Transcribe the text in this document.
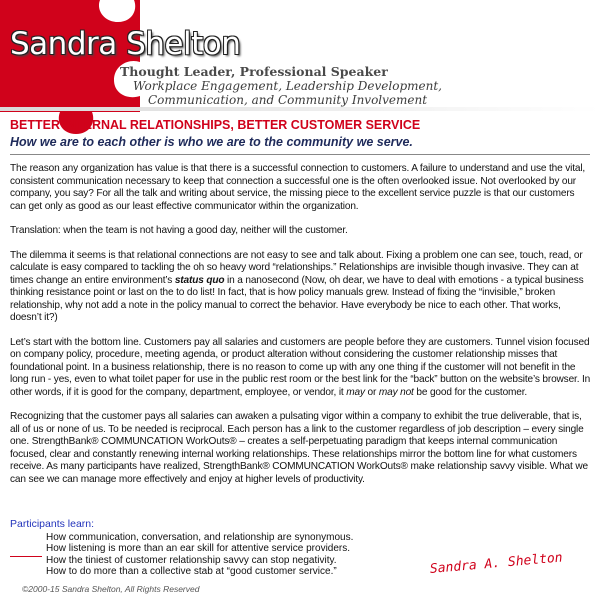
Sandra Shelton
Thought Leader, Professional Speaker
Workplace Engagement, Leadership Development,
Communication, and Community Involvement
BETTER INTERNAL RELATIONSHIPS, BETTER CUSTOMER SERVICE

How we are to each other is who we are to the community we serve.

The reason any organization has value is that there is a successful connection to customers. A failure to understand and use the vital, consistent communication necessary to keep that connection a successful one is the often overlooked issue. Not overlooked by our company, you say? For all the talk and writing about service, the missing piece to the excellent service puzzle is that our customers can get only as good as our least effective communicator within the organization.

Translation: when the team is not having a good day, neither will the customer.

The dilemma it seems is that relational connections are not easy to see and talk about. Fixing a problem one can see, touch, read, or calculate is easy compared to tackling the oh so heavy word “relationships.” Relationships are invisible though invasive. They can at times change an entire environment’s status quo in a nanosecond (Now, oh dear, we have to deal with emotions - a typical business thinking resistance point or last on the to do list! In fact, that is how policy manuals grew. Instead of fixing the “invisible,” broken relationship, why not add a note in the policy manual to correct the behavior. Have everybody be nice to each other. That works, doesn’t it?)

Let’s start with the bottom line. Customers pay all salaries and customers are people before they are customers. Tunnel vision focused on company policy, procedure, meeting agenda, or product alteration without considering the customer relationship misses that foundational point. In a business relationship, there is no reason to come up with any one thing if the customer will not benefit in the long run - yes, even to what toilet paper for use in the public rest room or the best link for the “back” button on the website’s browser. In other words, if it is good for the company, department, employee, or vendor, it may or may not be good for the customer.

Recognizing that the customer pays all salaries can awaken a pulsating vigor within a company to exhibit the true deliverable, that is, all of us or none of us. To be needed is reciprocal. Each person has a link to the customer regardless of job description – every single one. StrengthBank® COMMUNCATION WorkOuts® – creates a self-perpetuating paradigm that keeps internal communication focused, clear and constantly renewing internal working relationships. These relationships mirror the bottom line for what customers receive. As many participants have realized, StrengthBank® COMMUNCATION WorkOuts® make relationship savvy visible. What we can see we can manage more effectively and enjoy at higher levels of productivity.

Participants learn:
How communication, conversation, and relationship are synonymous.
How listening is more than an ear skill for attentive service providers.
How the tiniest of customer relationship savvy can stop negativity.
How to do more than a collective stab at “good customer service.”	Sandra A. Shelton
©2000-15 Sandra Shelton, All Rights Reserved
